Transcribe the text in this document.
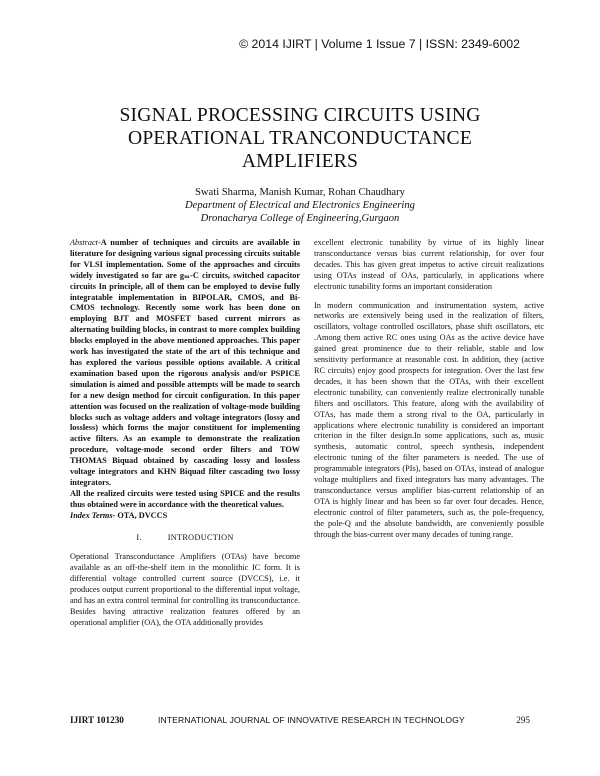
© 2014 IJIRT | Volume 1 Issue 7 | ISSN: 2349-6002
SIGNAL PROCESSING CIRCUITS USING
OPERATIONAL TRANCONDUCTANCE
AMPLIFIERS
Swati Sharma, Manish Kumar, Rohan Chaudhary
Department of Electrical and Electronics Engineering
Dronacharya College of Engineering,Gurgaon

Abstract-A number of techniques and circuits are available in literature for designing various signal processing circuits suitable for VLSI implementation. Some of the approaches and circuits widely investigated so far are gₘ-C circuits, switched capacitor circuits In principle, all of them can be employed to devise fully integratable implementation in BIPOLAR, CMOS, and Bi-CMOS technology. Recently some work has been done on employing BJT and MOSFET based current mirrors as alternating building blocks, in contrast to more complex building blocks employed in the above mentioned approaches. This paper work has investigated the state of the art of this technique and has explored the various possible options available. A critical examination based upon the rigorous analysis and/or PSPICE simulation is aimed and possible attempts will be made to search for a new design method for circuit configuration. In this paper attention was focused on the realization of voltage-mode building blocks such as voltage adders and voltage integrators (lossy and lossless) which forms the major constituent for implementing active filters. As an example to demonstrate the realization procedure, voltage-mode second order filters and TOW THOMAS Biquad obtained by cascading lossy and lossless voltage integrators and KHN Biquad filter cascading two lossy integrators.

All the realized circuits were tested using SPICE and the results thus obtained were in accordance with the theoretical values.

Index Terms- OTA, DVCCS

I.	INTRODUCTION

Operational Transconductance Amplifiers (OTAs) have become available as an off-the-shelf item in the monolithic IC form. It is differential voltage controlled current source (DVCCS), i.e. it produces output current proportional to the differential input voltage, and has an extra control terminal for controlling its transconductance. Besides having attractive realization features offered by an operational amplifier (OA), the OTA additionally provides

excellent electronic tunability by virtue of its highly linear transconductance versus bias current relationship, for over four decades. This has given great impetus to active circuit realizations using OTAs instead of OAs, particularly, in applications where electronic tunability forms an important consideration

In modern communication and instrumentation system, active networks are extensively being used in the realization of filters, oscillators, voltage controlled oscillators, phase shift oscillators, etc .Among them active RC ones using OAs as the active device have gained great prominence due to their reliable, stable and low sensitivity performance at reasonable cost. In addition, they (active RC circuits) enjoy good prospects for integration. Over the last few decades, it has been shown that the OTAs, with their excellent electronic tunability, can conveniently realize electronically tunable filters and oscillators. This feature, along with the availability of OTAs, has made them a strong rival to the OA, particularly in applications where electronic tunability is considered an important criterion in the filter design.In some applications, such as, music synthesis, automatic control, speech synthesis, independent electronic tuning of the filter parameters is needed. The use of programmable integrators (PIs), based on OTAs, instead of analogue voltage multipliers and fixed integrators has many advantages. The transconductance versus amplifier bias-current relationship of an OTA is highly linear and has been so far over four decades. Hence, electronic control of filter parameters, such as, the pole-frequency, the pole-Q and the absolute bandwidth, are conveniently possible through the bias-current over many decades of tuning range.

IJIRT 101230	INTERNATIONAL JOURNAL OF INNOVATIVE RESEARCH IN TECHNOLOGY	295
